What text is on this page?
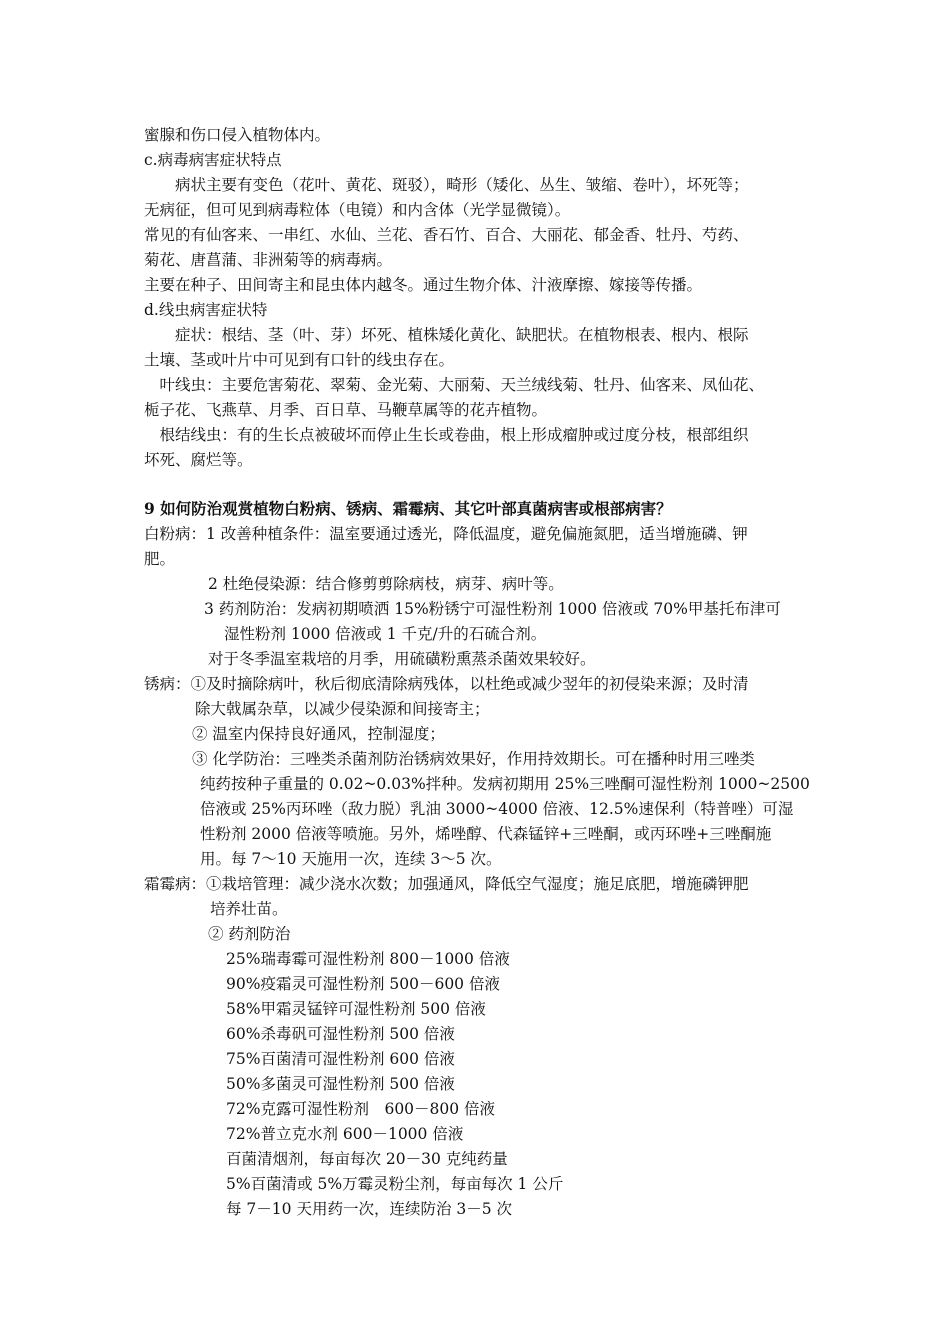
蜜腺和伤口侵入植物体内。
c.病毒病害症状特点
　　病状主要有变色（花叶、黄花、斑驳），畸形（矮化、丛生、皱缩、卷叶），坏死等；
无病征，但可见到病毒粒体（电镜）和内含体（光学显微镜）。
常见的有仙客来、一串红、水仙、兰花、香石竹、百合、大丽花、郁金香、牡丹、芍药、
菊花、唐菖蒲、非洲菊等的病毒病。
主要在种子、田间寄主和昆虫体内越冬。通过生物介体、汁液摩擦、嫁接等传播。
d.线虫病害症状特
　　症状：根结、茎（叶、芽）坏死、植株矮化黄化、缺肥状。在植物根表、根内、根际
土壤、茎或叶片中可见到有口针的线虫存在。
　叶线虫：主要危害菊花、翠菊、金光菊、大丽菊、天兰绒线菊、牡丹、仙客来、凤仙花、
栀子花、飞燕草、月季、百日草、马鞭草属等的花卉植物。
　根结线虫：有的生长点被破坏而停止生长或卷曲，根上形成瘤肿或过度分枝，根部组织
坏死、腐烂等。
9 如何防治观赏植物白粉病、锈病、霜霉病、其它叶部真菌病害或根部病害？
白粉病：1 改善种植条件：温室要通过透光，降低温度，避免偏施氮肥，适当增施磷、钾
肥。
2 杜绝侵染源：结合修剪剪除病枝，病芽、病叶等。
3 药剂防治：发病初期喷洒 15%粉锈宁可湿性粉剂 1000 倍液或 70%甲基托布津可
湿性粉剂 1000 倍液或 1 千克/升的石硫合剂。
对于冬季温室栽培的月季，用硫磺粉熏蒸杀菌效果较好。
锈病：①及时摘除病叶，秋后彻底清除病残体，以杜绝或减少翌年的初侵染来源；及时清
除大戟属杂草，以减少侵染源和间接寄主；
② 温室内保持良好通风，控制湿度；
③ 化学防治：三唑类杀菌剂防治锈病效果好，作用持效期长。可在播种时用三唑类
纯药按种子重量的 0.02~0.03%拌种。发病初期用 25%三唑酮可湿性粉剂 1000~2500
倍液或 25%丙环唑（敌力脱）乳油 3000~4000 倍液、12.5%速保利（特普唑）可湿
性粉剂 2000 倍液等喷施。另外，烯唑醇、代森锰锌+三唑酮，或丙环唑+三唑酮施
用。每 7～10 天施用一次，连续 3～5 次。
霜霉病：①栽培管理：减少浇水次数；加强通风，降低空气湿度；施足底肥，增施磷钾肥
培养壮苗。
② 药剂防治
25%瑞毒霉可湿性粉剂 800－1000 倍液
90%疫霜灵可湿性粉剂 500－600 倍液
58%甲霜灵锰锌可湿性粉剂 500 倍液
60%杀毒矾可湿性粉剂 500 倍液
75%百菌清可湿性粉剂 600 倍液
50%多菌灵可湿性粉剂 500 倍液
72%克露可湿性粉剂　600－800 倍液
72%普立克水剂 600－1000 倍液
百菌清烟剂，每亩每次 20－30 克纯药量
5%百菌清或 5%万霉灵粉尘剂，每亩每次 1 公斤
每 7－10 天用药一次，连续防治 3－5 次
